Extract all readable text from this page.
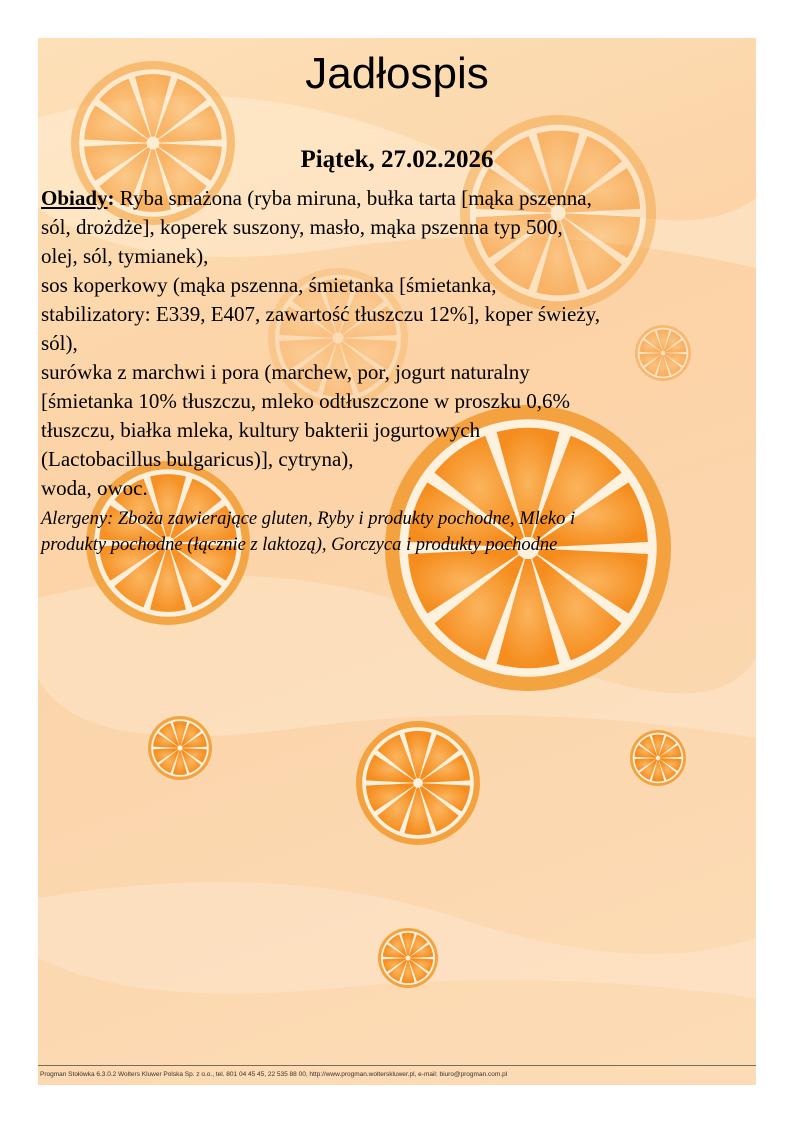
Jadłospis
Piątek, 27.02.2026
Obiady: Ryba smażona (ryba miruna, bułka tarta [mąka pszenna,
sól, drożdże], koperek suszony, masło, mąka pszenna typ 500,
olej, sól, tymianek),
sos koperkowy (mąka pszenna, śmietanka [śmietanka,
stabilizatory: E339, E407, zawartość tłuszczu 12%], koper świeży,
sól),
surówka z marchwi i pora (marchew, por, jogurt naturalny
[śmietanka 10% tłuszczu, mleko odtłuszczone w proszku 0,6%
tłuszczu, białka mleka, kultury bakterii jogurtowych
(Lactobacillus bulgaricus)], cytryna),
woda, owoc.
Alergeny: Zboża zawierające gluten, Ryby i produkty pochodne, Mleko i
produkty pochodne (łącznie z laktozą), Gorczyca i produkty pochodne
Progman Stołówka 6.3.0.2 Wolters Kluwer Polska Sp. z o.o., tel. 801 04 45 45, 22 535 88 00, http://www.progman.wolterskluwer.pl, e-mail: biuro@progman.com.pl
